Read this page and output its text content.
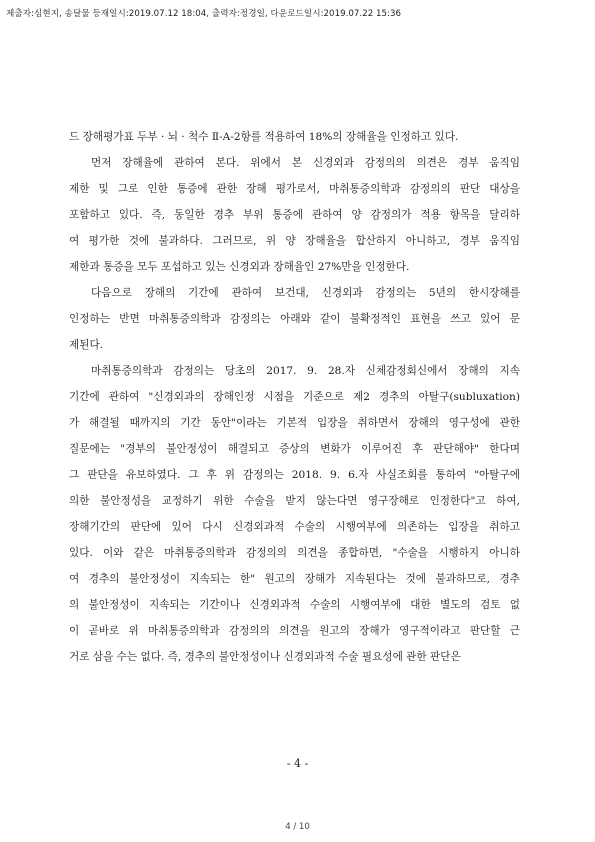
제출자:심현지, 송달물 등재일시:2019.07.12 18:04, 출력자:정경일, 다운로드일시:2019.07.22 15:36
드 장해평가표 두부 · 뇌 · 척수 Ⅱ-A-2항를 적용하여 18%의 장해율을 인정하고 있다.
먼저 장해율에 관하여 본다. 위에서 본 신경외과 감정의의 의견은 경부 움직임
제한 및 그로 인한 통증에 관한 장해 평가로서, 마취통증의학과 감정의의 판단 대상을
포함하고 있다. 즉, 동일한 경추 부위 통증에 관하여 양 감정의가 적용 항목을 달리하
여 평가한 것에 불과하다. 그러므로, 위 양 장해율을 합산하지 아니하고, 경부 움직임
제한과 통증을 모두 포섭하고 있는 신경외과 장해율인 27%만을 인정한다.
다음으로 장해의 기간에 관하여 보건대, 신경외과 감정의는 5년의 한시장해를
인정하는 반면 마취통증의학과 감정의는 아래와 같이 불확정적인 표현을 쓰고 있어 문
제된다.
마취통증의학과 감정의는 당초의 2017. 9. 28.자 신체감정회신에서 장해의 지속
기간에 관하여 "신경외과의 장해인정 시점을 기준으로 제2 경추의 아탈구(subluxation)
가 해결될 때까지의 기간 동안"이라는 기본적 입장을 취하면서 장해의 영구성에 관한
질문에는 "경부의 불안정성이 해결되고 증상의 변화가 이루어진 후 판단해야" 한다며
그 판단을 유보하였다. 그 후 위 감정의는 2018. 9. 6.자 사실조회를 통하여 "아탈구에
의한 불안정성을 교정하기 위한 수술을 받지 않는다면 영구장해로 인정한다"고 하여,
장해기간의 판단에 있어 다시 신경외과적 수술의 시행여부에 의존하는 입장을 취하고
있다. 이와 같은 마취통증의학과 감정의의 의견을 종합하면, "수술을 시행하지 아니하
여 경추의 불안정성이 지속되는 한" 원고의 장해가 지속된다는 것에 불과하므로, 경추
의 불안정성이 지속되는 기간이나 신경외과적 수술의 시행여부에 대한 별도의 검토 없
이 곧바로 위 마취통증의학과 감정의의 의견을 원고의 장해가 영구적이라고 판단할 근
거로 삼을 수는 없다. 즉, 경추의 불안정성이나 신경외과적 수술 필요성에 관한 판단은
- 4 -
4 / 10
